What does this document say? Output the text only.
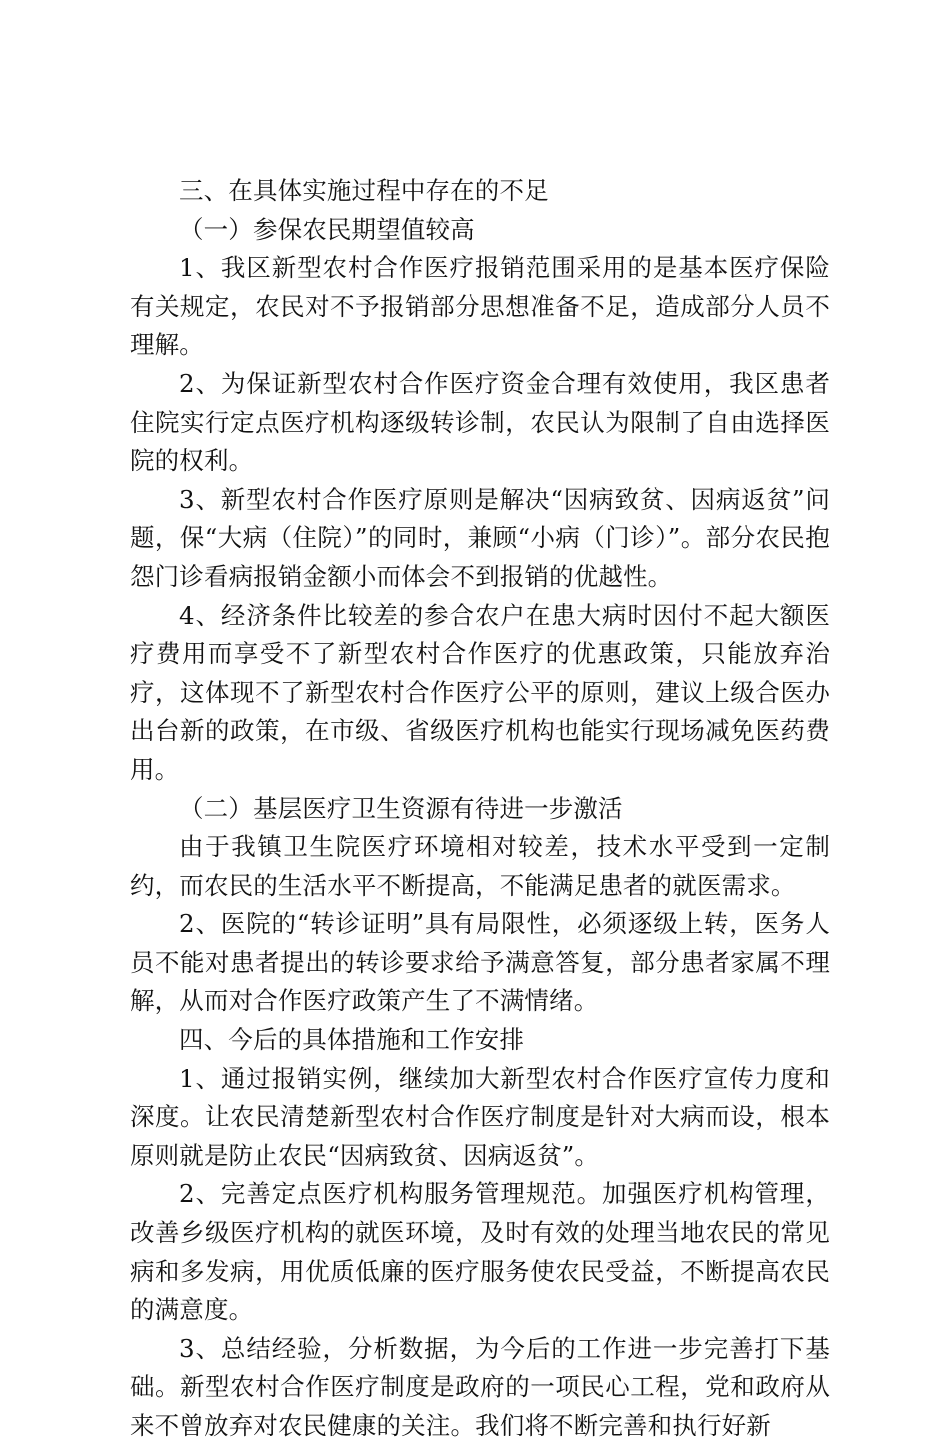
三、在具体实施过程中存在的不足

（一）参保农民期望值较高

1、我区新型农村合作医疗报销范围采用的是基本医疗保险有关规定，农民对不予报销部分思想准备不足，造成部分人员不理解。

2、为保证新型农村合作医疗资金合理有效使用，我区患者住院实行定点医疗机构逐级转诊制，农民认为限制了自由选择医院的权利。

3、新型农村合作医疗原则是解决“因病致贫、因病返贫”问题，保“大病（住院）”的同时，兼顾“小病（门诊）”。部分农民抱怨门诊看病报销金额小而体会不到报销的优越性。

4、经济条件比较差的参合农户在患大病时因付不起大额医疗费用而享受不了新型农村合作医疗的优惠政策，只能放弃治疗，这体现不了新型农村合作医疗公平的原则，建议上级合医办出台新的政策，在市级、省级医疗机构也能实行现场减免医药费用。

（二）基层医疗卫生资源有待进一步激活

由于我镇卫生院医疗环境相对较差，技术水平受到一定制约，而农民的生活水平不断提高，不能满足患者的就医需求。

2、医院的“转诊证明”具有局限性，必须逐级上转，医务人员不能对患者提出的转诊要求给予满意答复，部分患者家属不理解，从而对合作医疗政策产生了不满情绪。

四、今后的具体措施和工作安排

1、通过报销实例，继续加大新型农村合作医疗宣传力度和深度。让农民清楚新型农村合作医疗制度是针对大病而设，根本原则就是防止农民“因病致贫、因病返贫”。

2、完善定点医疗机构服务管理规范。加强医疗机构管理，改善乡级医疗机构的就医环境，及时有效的处理当地农民的常见病和多发病，用优质低廉的医疗服务使农民受益，不断提高农民的满意度。

3、总结经验，分析数据，为今后的工作进一步完善打下基础。新型农村合作医疗制度是政府的一项民心工程，党和政府从来不曾放弃对农民健康的关注。我们将不断完善和执行好新
